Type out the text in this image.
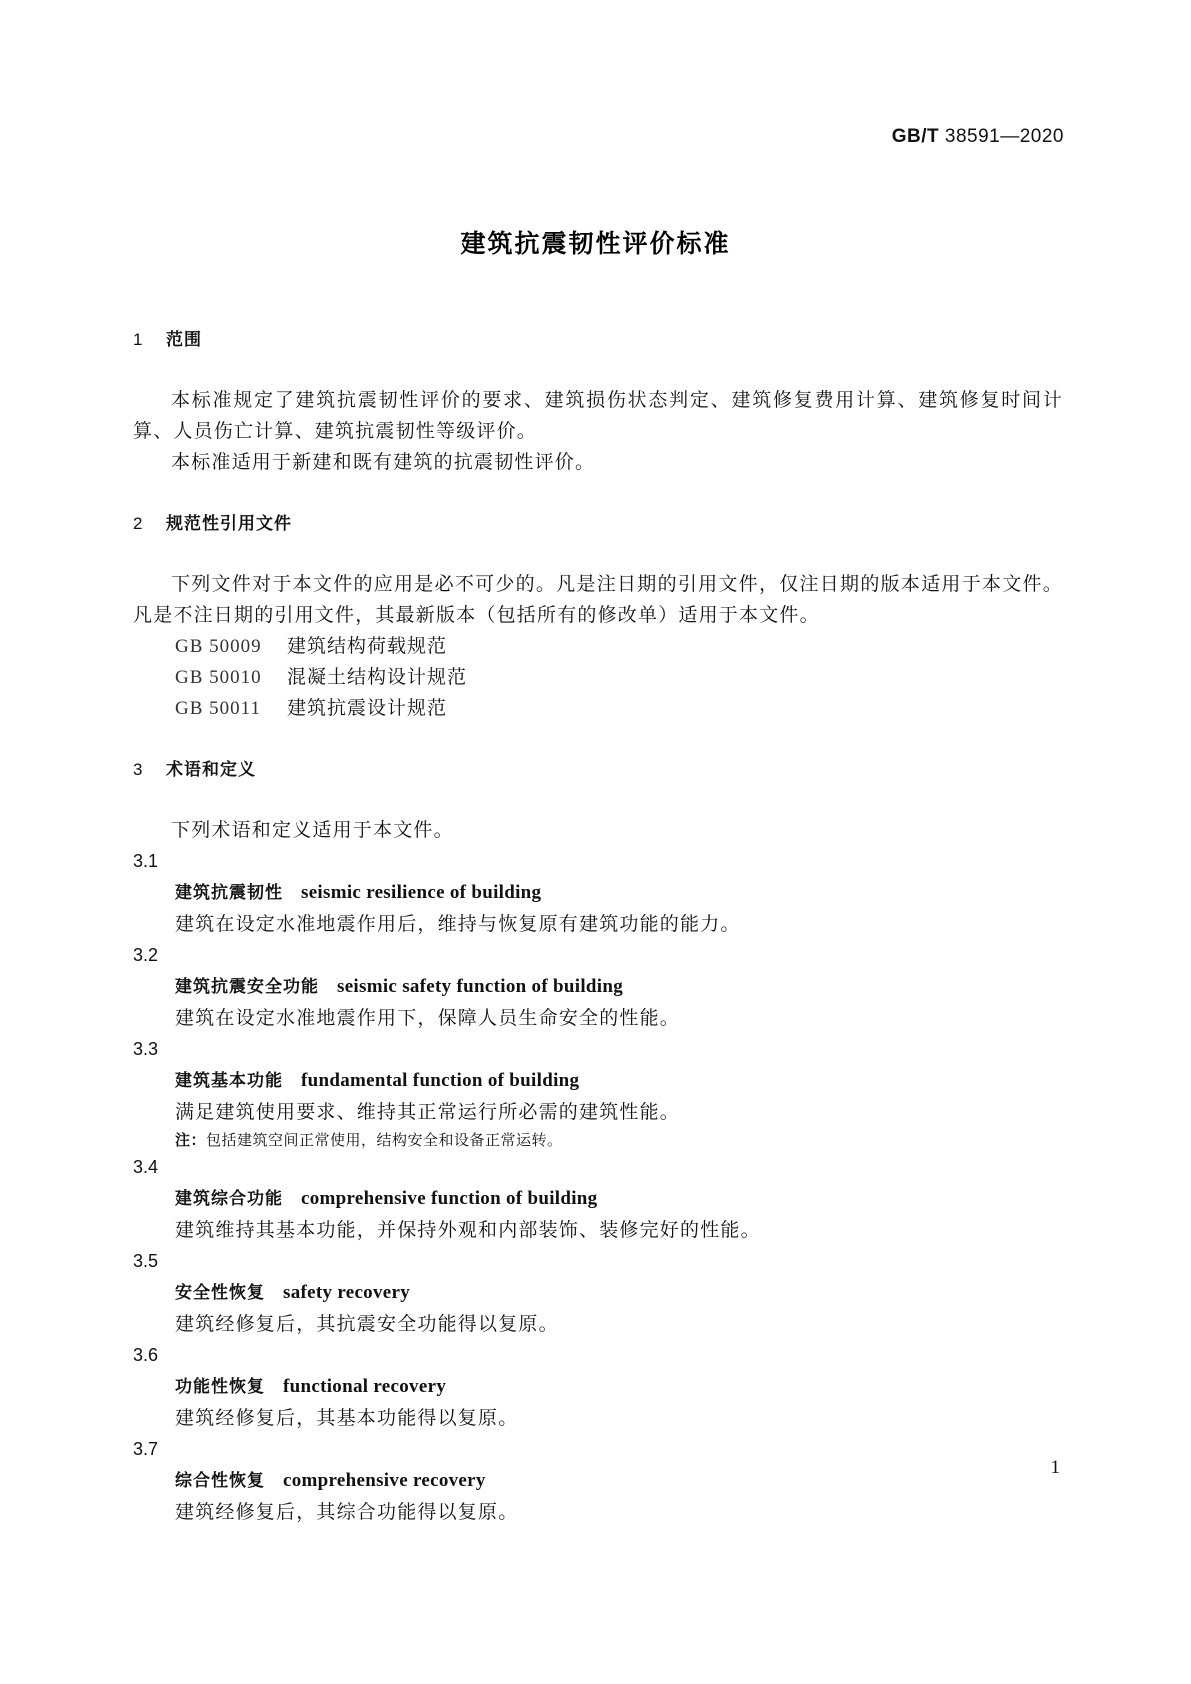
GB/T 38591—2020
建筑抗震韧性评价标准

1 范围

本标准规定了建筑抗震韧性评价的要求、建筑损伤状态判定、建筑修复费用计算、建筑修复时间计算、人员伤亡计算、建筑抗震韧性等级评价。

本标准适用于新建和既有建筑的抗震韧性评价。

2 规范性引用文件

下列文件对于本文件的应用是必不可少的。凡是注日期的引用文件，仅注日期的版本适用于本文件。凡是不注日期的引用文件，其最新版本（包括所有的修改单）适用于本文件。

GB 50009 建筑结构荷载规范

GB 50010 混凝土结构设计规范

GB 50011 建筑抗震设计规范

3 术语和定义

下列术语和定义适用于本文件。

3.1

建筑抗震韧性 seismic resilience of building

建筑在设定水准地震作用后，维持与恢复原有建筑功能的能力。

3.2

建筑抗震安全功能 seismic safety function of building

建筑在设定水准地震作用下，保障人员生命安全的性能。

3.3

建筑基本功能 fundamental function of building

满足建筑使用要求、维持其正常运行所必需的建筑性能。

注：包括建筑空间正常使用，结构安全和设备正常运转。

3.4

建筑综合功能 comprehensive function of building

建筑维持其基本功能，并保持外观和内部装饰、装修完好的性能。

3.5

安全性恢复 safety recovery

建筑经修复后，其抗震安全功能得以复原。

3.6

功能性恢复 functional recovery

建筑经修复后，其基本功能得以复原。

3.7

综合性恢复 comprehensive recovery

建筑经修复后，其综合功能得以复原。

1
